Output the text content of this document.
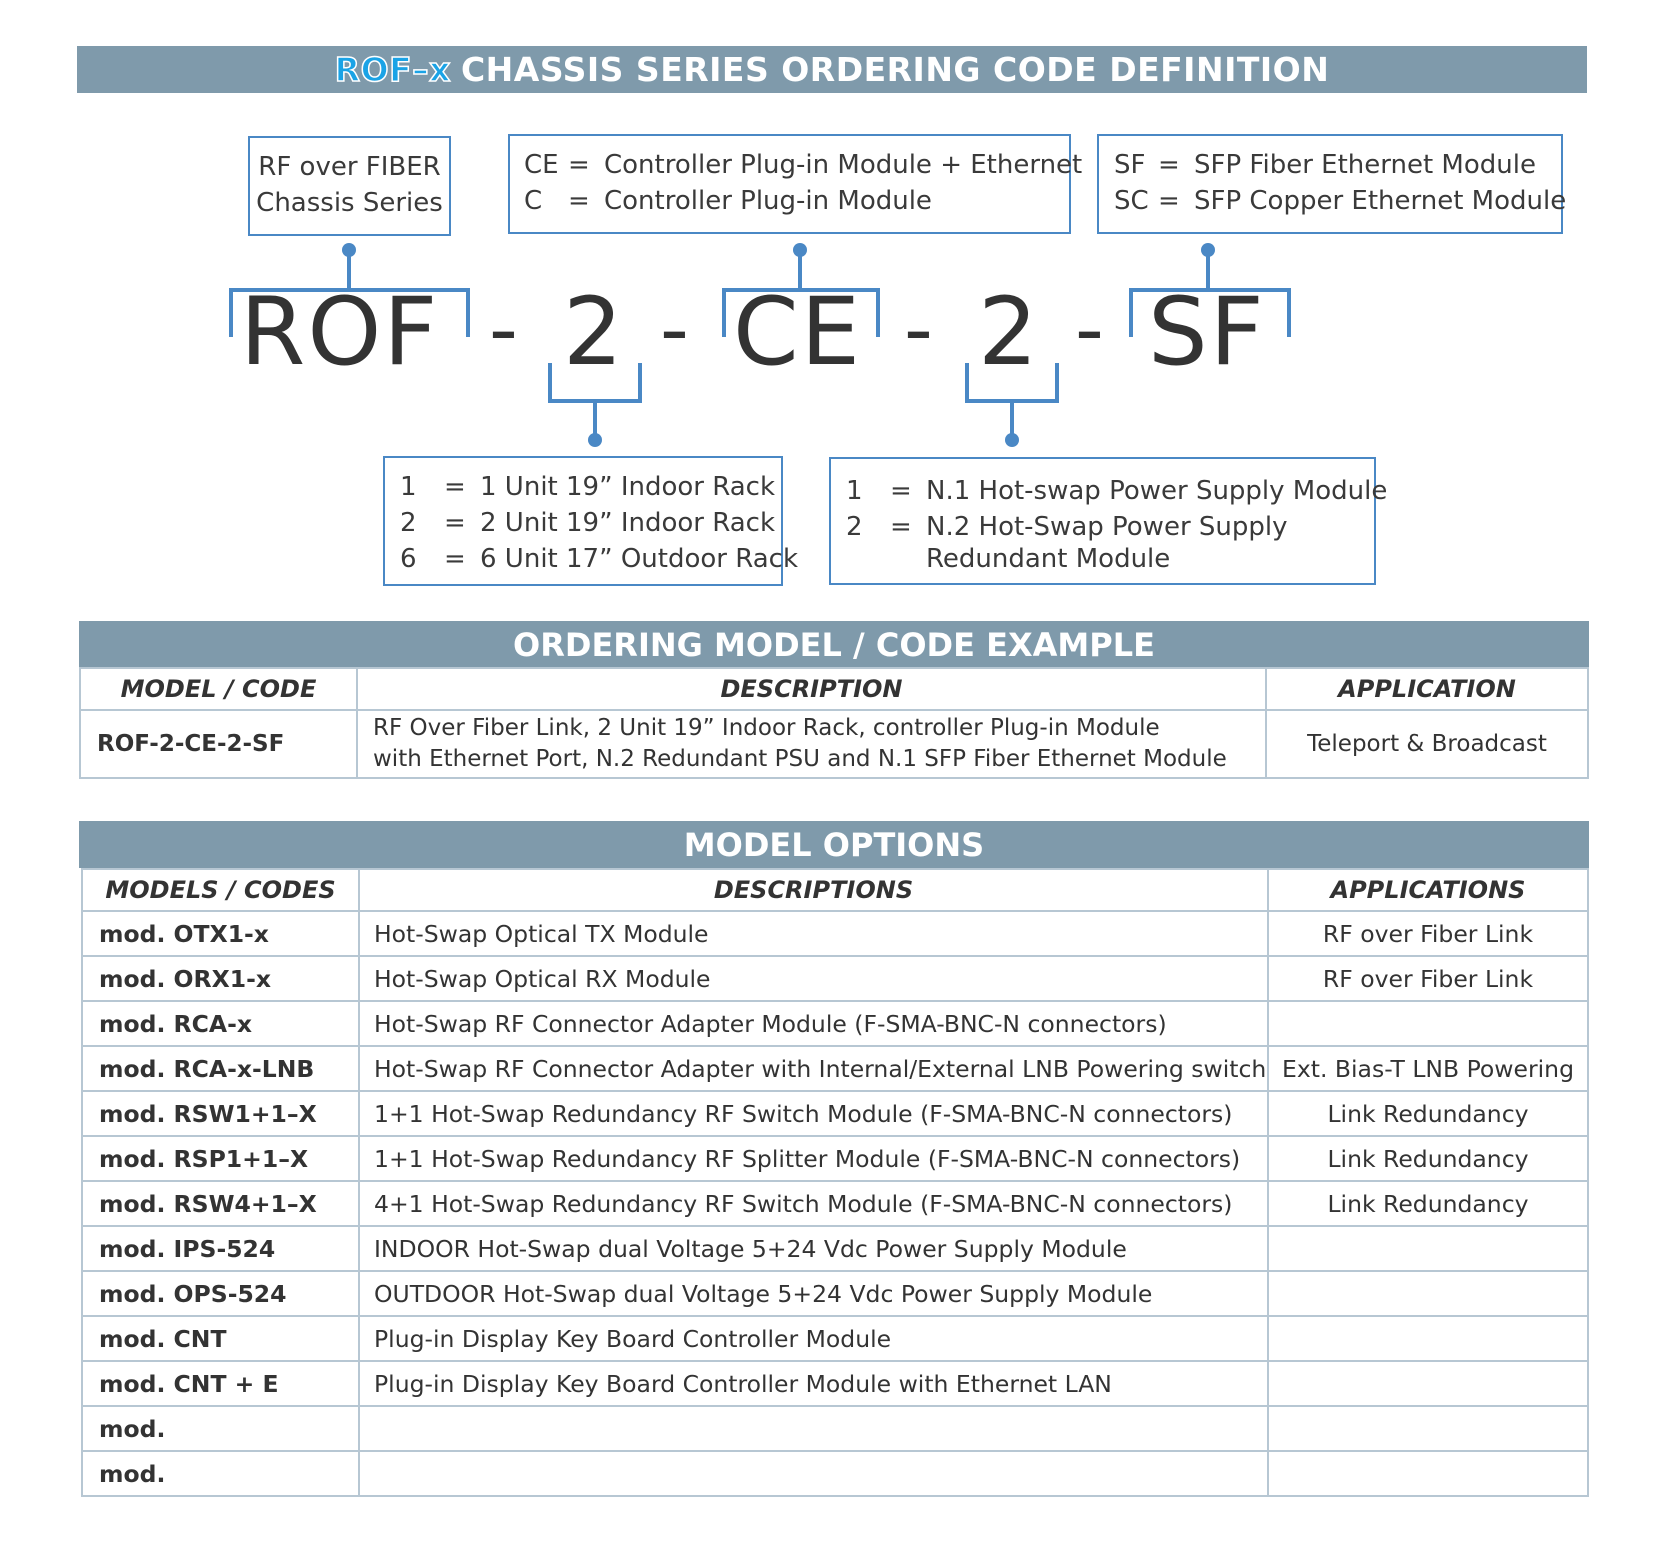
ROF–x CHASSIS SERIES ORDERING CODE DEFINITION
RF over FIBER
Chassis Series
CE = Controller Plug-in Module + Ethernet
C = Controller Plug-in Module
SF = SFP Fiber Ethernet Module
SC = SFP Copper Ethernet Module
1 = 1 Unit 19” Indoor Rack
2 = 2 Unit 19” Indoor Rack
6 = 6 Unit 17” Outdoor Rack
1 = N.1 Hot-swap Power Supply Module
2 = N.2 Hot-Swap Power Supply
Redundant Module
ROF - 2 - CE - 2 - SF
ORDERING MODEL / CODE EXAMPLE
MODEL / CODE	DESCRIPTION	APPLICATION
ROF-2-CE-2-SF	RF Over Fiber Link, 2 Unit 19” Indoor Rack, controller Plug-in Module
with Ethernet Port, N.2 Redundant PSU and N.1 SFP Fiber Ethernet Module	Teleport & Broadcast
MODEL OPTIONS
MODELS / CODES	DESCRIPTIONS	APPLICATIONS
mod. OTX1-x	Hot-Swap Optical TX Module	RF over Fiber Link
mod. ORX1-x	Hot-Swap Optical RX Module	RF over Fiber Link
mod. RCA-x	Hot-Swap RF Connector Adapter Module (F-SMA-BNC-N connectors)	
mod. RCA-x-LNB	Hot-Swap RF Connector Adapter with Internal/External LNB Powering switch	Ext. Bias-T LNB Powering
mod. RSW1+1–X	1+1 Hot-Swap Redundancy RF Switch Module (F-SMA-BNC-N connectors)	Link Redundancy
mod. RSP1+1–X	1+1 Hot-Swap Redundancy RF Splitter Module (F-SMA-BNC-N connectors)	Link Redundancy
mod. RSW4+1–X	4+1 Hot-Swap Redundancy RF Switch Module (F-SMA-BNC-N connectors)	Link Redundancy
mod. IPS-524	INDOOR Hot-Swap dual Voltage 5+24 Vdc Power Supply Module	
mod. OPS-524	OUTDOOR Hot-Swap dual Voltage 5+24 Vdc Power Supply Module	
mod. CNT	Plug-in Display Key Board Controller Module	
mod. CNT + E	Plug-in Display Key Board Controller Module with Ethernet LAN	
mod.		
mod.		
